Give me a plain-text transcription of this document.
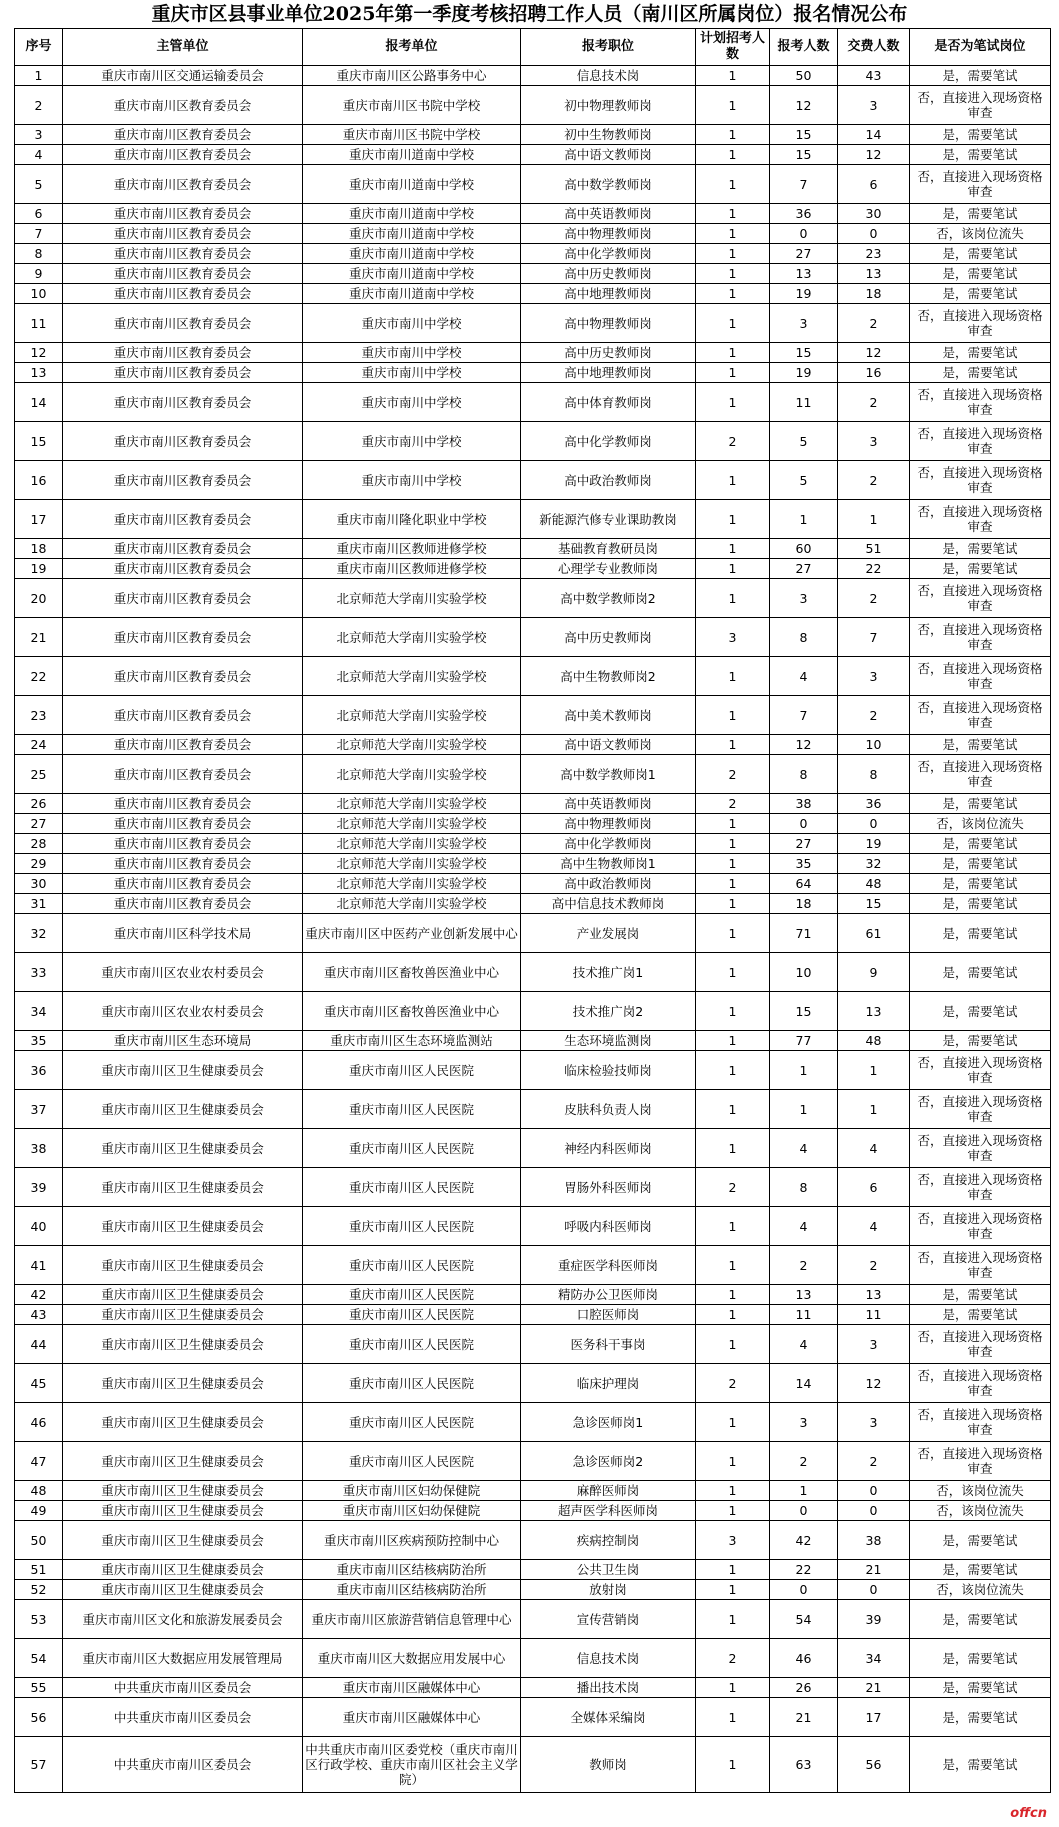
重庆市区县事业单位2025年第一季度考核招聘工作人员（南川区所属岗位）报名情况公布
序号	主管单位	报考单位	报考职位	计划招考人数	报考人数	交费人数	是否为笔试岗位
1	重庆市南川区交通运输委员会	重庆市南川区公路事务中心	信息技术岗	1	50	43	是，需要笔试
2	重庆市南川区教育委员会	重庆市南川区书院中学校	初中物理教师岗	1	12	3	否，直接进入现场资格审查
3	重庆市南川区教育委员会	重庆市南川区书院中学校	初中生物教师岗	1	15	14	是，需要笔试
4	重庆市南川区教育委员会	重庆市南川道南中学校	高中语文教师岗	1	15	12	是，需要笔试
5	重庆市南川区教育委员会	重庆市南川道南中学校	高中数学教师岗	1	7	6	否，直接进入现场资格审查
6	重庆市南川区教育委员会	重庆市南川道南中学校	高中英语教师岗	1	36	30	是，需要笔试
7	重庆市南川区教育委员会	重庆市南川道南中学校	高中物理教师岗	1	0	0	否，该岗位流失
8	重庆市南川区教育委员会	重庆市南川道南中学校	高中化学教师岗	1	27	23	是，需要笔试
9	重庆市南川区教育委员会	重庆市南川道南中学校	高中历史教师岗	1	13	13	是，需要笔试
10	重庆市南川区教育委员会	重庆市南川道南中学校	高中地理教师岗	1	19	18	是，需要笔试
11	重庆市南川区教育委员会	重庆市南川中学校	高中物理教师岗	1	3	2	否，直接进入现场资格审查
12	重庆市南川区教育委员会	重庆市南川中学校	高中历史教师岗	1	15	12	是，需要笔试
13	重庆市南川区教育委员会	重庆市南川中学校	高中地理教师岗	1	19	16	是，需要笔试
14	重庆市南川区教育委员会	重庆市南川中学校	高中体育教师岗	1	11	2	否，直接进入现场资格审查
15	重庆市南川区教育委员会	重庆市南川中学校	高中化学教师岗	2	5	3	否，直接进入现场资格审查
16	重庆市南川区教育委员会	重庆市南川中学校	高中政治教师岗	1	5	2	否，直接进入现场资格审查
17	重庆市南川区教育委员会	重庆市南川隆化职业中学校	新能源汽修专业课助教岗	1	1	1	否，直接进入现场资格审查
18	重庆市南川区教育委员会	重庆市南川区教师进修学校	基础教育教研员岗	1	60	51	是，需要笔试
19	重庆市南川区教育委员会	重庆市南川区教师进修学校	心理学专业教师岗	1	27	22	是，需要笔试
20	重庆市南川区教育委员会	北京师范大学南川实验学校	高中数学教师岗2	1	3	2	否，直接进入现场资格审查
21	重庆市南川区教育委员会	北京师范大学南川实验学校	高中历史教师岗	3	8	7	否，直接进入现场资格审查
22	重庆市南川区教育委员会	北京师范大学南川实验学校	高中生物教师岗2	1	4	3	否，直接进入现场资格审查
23	重庆市南川区教育委员会	北京师范大学南川实验学校	高中美术教师岗	1	7	2	否，直接进入现场资格审查
24	重庆市南川区教育委员会	北京师范大学南川实验学校	高中语文教师岗	1	12	10	是，需要笔试
25	重庆市南川区教育委员会	北京师范大学南川实验学校	高中数学教师岗1	2	8	8	否，直接进入现场资格审查
26	重庆市南川区教育委员会	北京师范大学南川实验学校	高中英语教师岗	2	38	36	是，需要笔试
27	重庆市南川区教育委员会	北京师范大学南川实验学校	高中物理教师岗	1	0	0	否，该岗位流失
28	重庆市南川区教育委员会	北京师范大学南川实验学校	高中化学教师岗	1	27	19	是，需要笔试
29	重庆市南川区教育委员会	北京师范大学南川实验学校	高中生物教师岗1	1	35	32	是，需要笔试
30	重庆市南川区教育委员会	北京师范大学南川实验学校	高中政治教师岗	1	64	48	是，需要笔试
31	重庆市南川区教育委员会	北京师范大学南川实验学校	高中信息技术教师岗	1	18	15	是，需要笔试
32	重庆市南川区科学技术局	重庆市南川区中医药产业创新发展中心	产业发展岗	1	71	61	是，需要笔试
33	重庆市南川区农业农村委员会	重庆市南川区畜牧兽医渔业中心	技术推广岗1	1	10	9	是，需要笔试
34	重庆市南川区农业农村委员会	重庆市南川区畜牧兽医渔业中心	技术推广岗2	1	15	13	是，需要笔试
35	重庆市南川区生态环境局	重庆市南川区生态环境监测站	生态环境监测岗	1	77	48	是，需要笔试
36	重庆市南川区卫生健康委员会	重庆市南川区人民医院	临床检验技师岗	1	1	1	否，直接进入现场资格审查
37	重庆市南川区卫生健康委员会	重庆市南川区人民医院	皮肤科负责人岗	1	1	1	否，直接进入现场资格审查
38	重庆市南川区卫生健康委员会	重庆市南川区人民医院	神经内科医师岗	1	4	4	否，直接进入现场资格审查
39	重庆市南川区卫生健康委员会	重庆市南川区人民医院	胃肠外科医师岗	2	8	6	否，直接进入现场资格审查
40	重庆市南川区卫生健康委员会	重庆市南川区人民医院	呼吸内科医师岗	1	4	4	否，直接进入现场资格审查
41	重庆市南川区卫生健康委员会	重庆市南川区人民医院	重症医学科医师岗	1	2	2	否，直接进入现场资格审查
42	重庆市南川区卫生健康委员会	重庆市南川区人民医院	精防办公卫医师岗	1	13	13	是，需要笔试
43	重庆市南川区卫生健康委员会	重庆市南川区人民医院	口腔医师岗	1	11	11	是，需要笔试
44	重庆市南川区卫生健康委员会	重庆市南川区人民医院	医务科干事岗	1	4	3	否，直接进入现场资格审查
45	重庆市南川区卫生健康委员会	重庆市南川区人民医院	临床护理岗	2	14	12	否，直接进入现场资格审查
46	重庆市南川区卫生健康委员会	重庆市南川区人民医院	急诊医师岗1	1	3	3	否，直接进入现场资格审查
47	重庆市南川区卫生健康委员会	重庆市南川区人民医院	急诊医师岗2	1	2	2	否，直接进入现场资格审查
48	重庆市南川区卫生健康委员会	重庆市南川区妇幼保健院	麻醉医师岗	1	1	0	否，该岗位流失
49	重庆市南川区卫生健康委员会	重庆市南川区妇幼保健院	超声医学科医师岗	1	0	0	否，该岗位流失
50	重庆市南川区卫生健康委员会	重庆市南川区疾病预防控制中心	疾病控制岗	3	42	38	是，需要笔试
51	重庆市南川区卫生健康委员会	重庆市南川区结核病防治所	公共卫生岗	1	22	21	是，需要笔试
52	重庆市南川区卫生健康委员会	重庆市南川区结核病防治所	放射岗	1	0	0	否，该岗位流失
53	重庆市南川区文化和旅游发展委员会	重庆市南川区旅游营销信息管理中心	宣传营销岗	1	54	39	是，需要笔试
54	重庆市南川区大数据应用发展管理局	重庆市南川区大数据应用发展中心	信息技术岗	2	46	34	是，需要笔试
55	中共重庆市南川区委员会	重庆市南川区融媒体中心	播出技术岗	1	26	21	是，需要笔试
56	中共重庆市南川区委员会	重庆市南川区融媒体中心	全媒体采编岗	1	21	17	是，需要笔试
57	中共重庆市南川区委员会	中共重庆市南川区委党校（重庆市南川区行政学校、重庆市南川区社会主义学院）	教师岗	1	63	56	是，需要笔试
offcn
